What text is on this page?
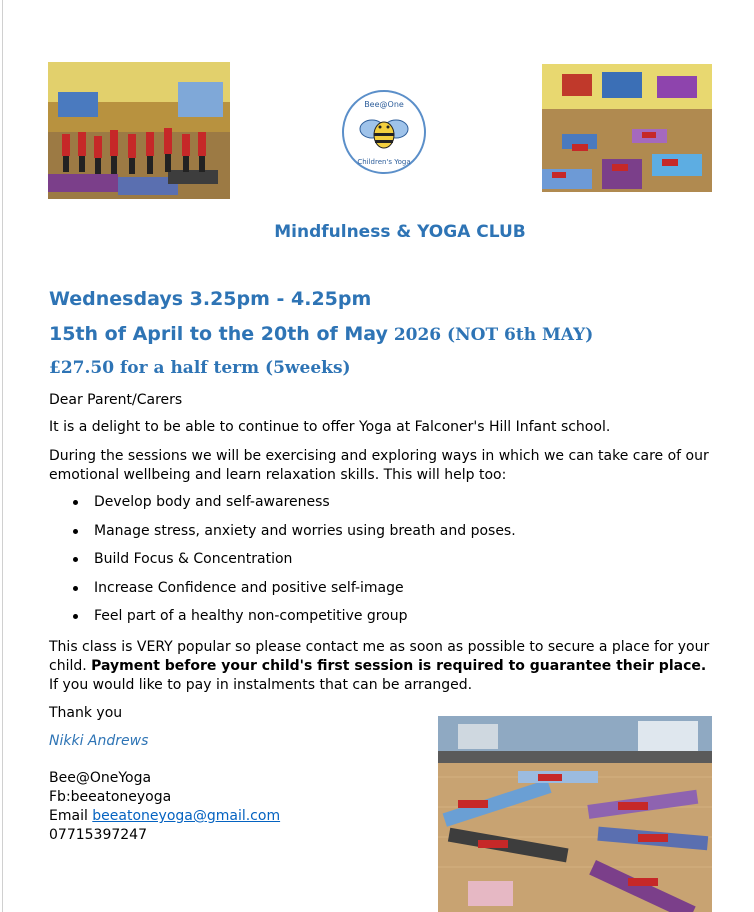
Bee@One
Children's Yoga
Mindfulness & YOGA CLUB
Wednesdays 3.25pm - 4.25pm
15th of April to the 20th of May 2026 (NOT 6th MAY)
£27.50 for a half term (5weeks)
Dear Parent/Carers
It is a delight to be able to continue to offer Yoga at Falconer's Hill Infant school.
During the sessions we will be exercising and exploring ways in which we can take care of our
emotional wellbeing and learn relaxation skills. This will help too:
Develop body and self-awareness
Manage stress, anxiety and worries using breath and poses.
Build Focus & Concentration
Increase Confidence and positive self-image
Feel part of a healthy non-competitive group
This class is VERY popular so please contact me as soon as possible to secure a place for your
child. Payment before your child's first session is required to guarantee their place.
If you would like to pay in instalments that can be arranged.
Thank you
Nikki Andrews
Bee@OneYoga
Fb:beeatoneyoga
Email beeatoneyoga@gmail.com
07715397247
